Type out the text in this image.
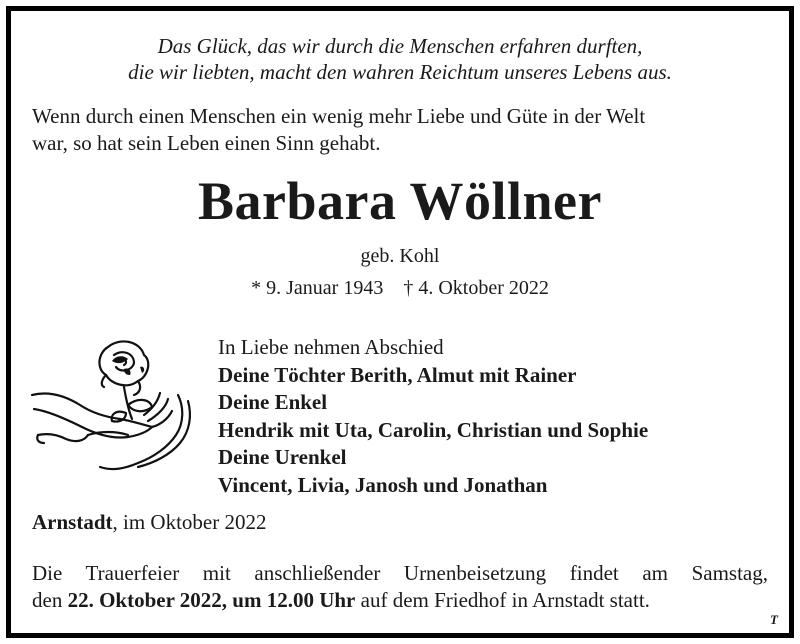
Das Glück, das wir durch die Menschen erfahren durften,

die wir liebten, macht den wahren Reichtum unseres Lebens aus.

Wenn durch einen Menschen ein wenig mehr Liebe und Güte in der Welt

war, so hat sein Leben einen Sinn gehabt.

Barbara Wöllner

geb. Kohl

* 9. Januar 1943 † 4. Oktober 2022

In Liebe nehmen Abschied
Deine Töchter Berith, Almut mit Rainer
Deine Enkel
Hendrik mit Uta, Carolin, Christian und Sophie
Deine Urenkel
Vincent, Livia, Janosh und Jonathan

Arnstadt, im Oktober 2022

Die Trauerfeier mit anschließender Urnenbeisetzung findet am Samstag,
den 22. Oktober 2022, um 12.00 Uhr auf dem Friedhof in Arnstadt statt.

T
